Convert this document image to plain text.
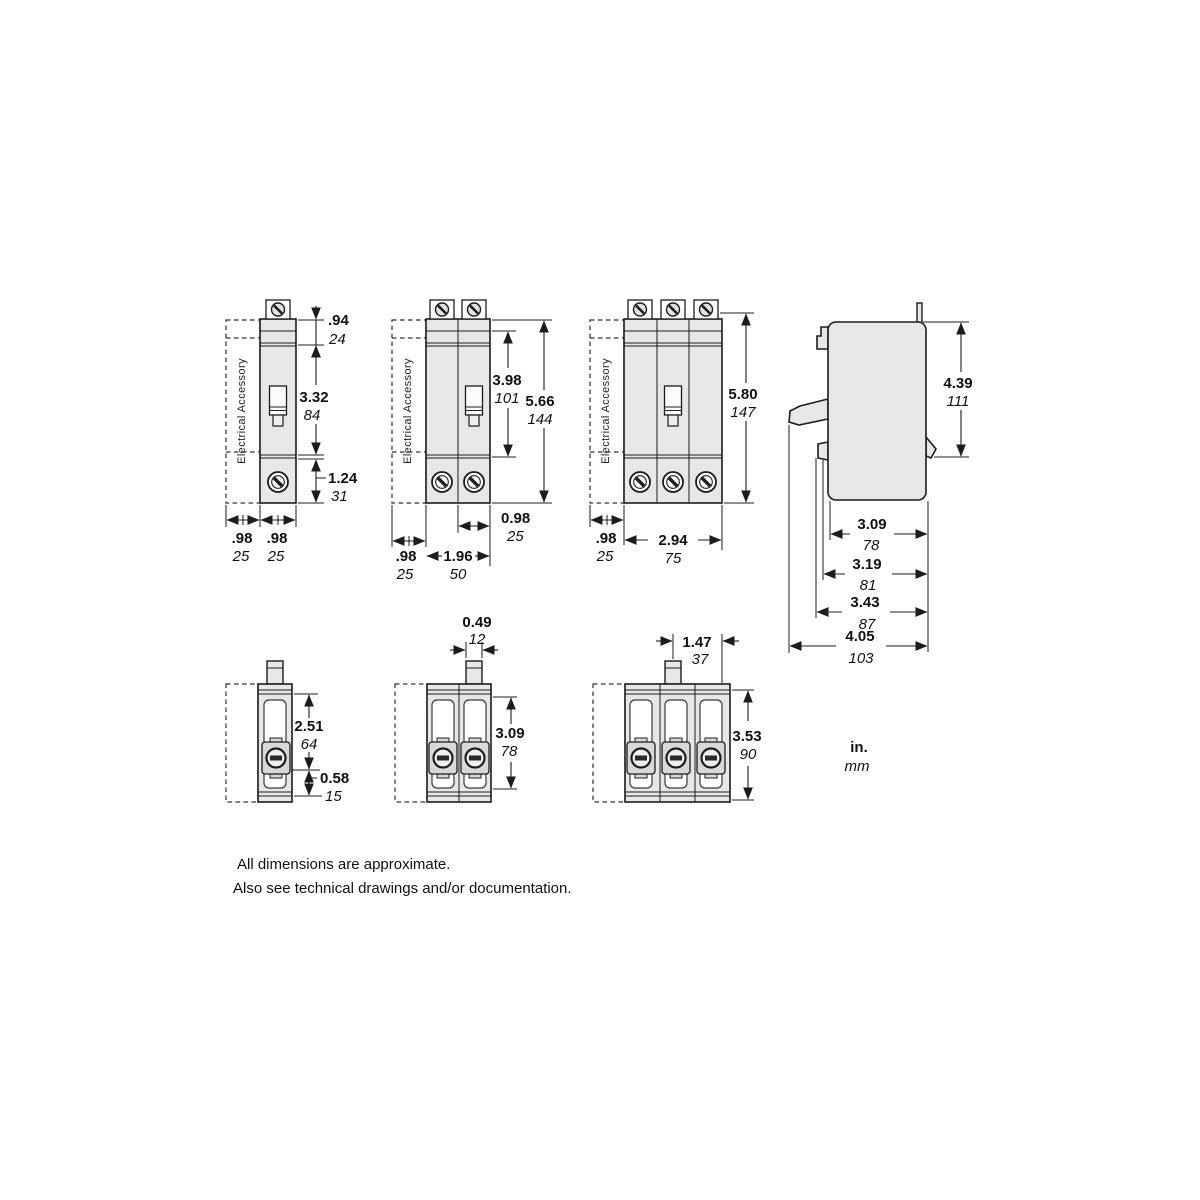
Electrical Accessory
.94
24
3.32
84
1.24
31
.98
25
.98
25
Electrical Accessory	3.98
101 5.66
144
0.98
25
.98
25
1.96
50
Electrical Accessory	5.80
147
.98
25
2.94
75
4.39
111
3.09
78
3.19
81
3.43
87
4.05
103
2.51
64
0.58
15
0.49
12
3.09
78
1.47
37
3.53
90	in.
mm
All dimensions are approximate.
Also see technical drawings and/or documentation.
